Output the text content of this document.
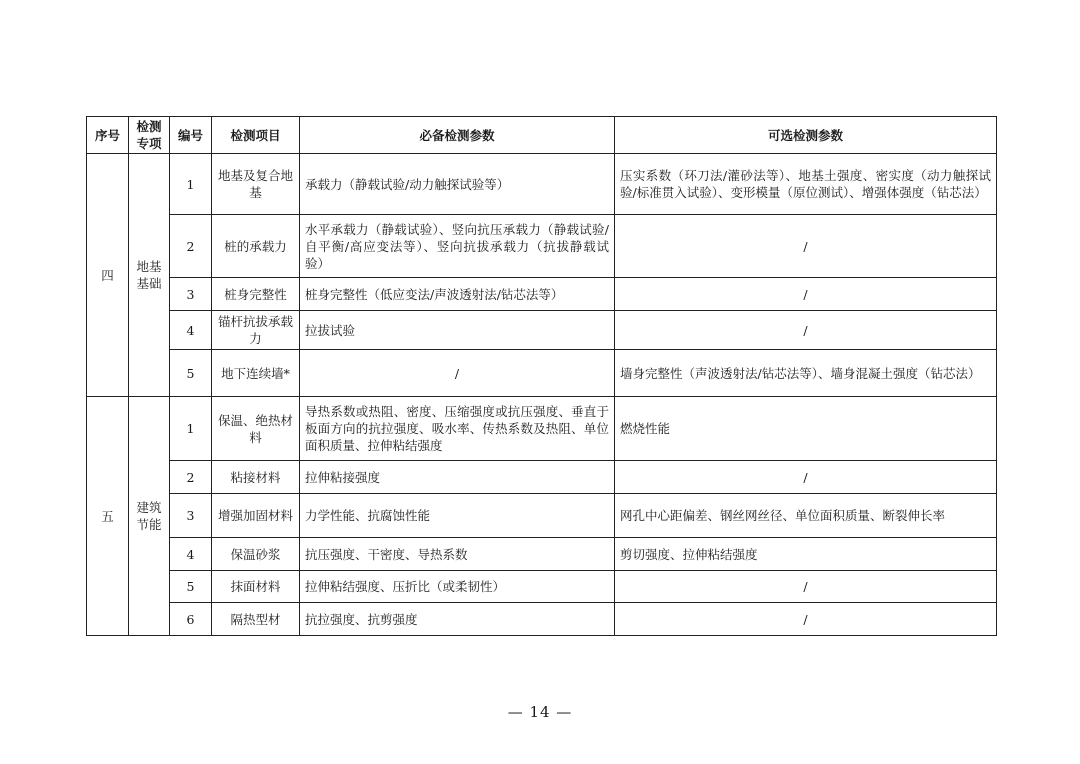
序号	检测专项	编号	检测项目	必备检测参数	可选检测参数
四	地基基础	1	地基及复合地基	承载力（静载试验/动力触探试验等）	压实系数（环刀法/灌砂法等）、地基土强度、密实度（动力触探试验/标准贯入试验）、变形模量（原位测试）、增强体强度（钻芯法）
		2	桩的承载力	水平承载力（静载试验）、竖向抗压承载力（静载试验/自平衡/高应变法等）、竖向抗拔承载力（抗拔静载试验）	/
		3	桩身完整性	桩身完整性（低应变法/声波透射法/钻芯法等）	/
		4	锚杆抗拔承载力	拉拔试验	/
		5	地下连续墙*	/	墙身完整性（声波透射法/钻芯法等）、墙身混凝土强度（钻芯法）
五	建筑节能	1	保温、绝热材料	导热系数或热阻、密度、压缩强度或抗压强度、垂直于板面方向的抗拉强度、吸水率、传热系数及热阻、单位面积质量、拉伸粘结强度	燃烧性能
		2	粘接材料	拉伸粘接强度	/
		3	增强加固材料	力学性能、抗腐蚀性能	网孔中心距偏差、钢丝网丝径、单位面积质量、断裂伸长率
		4	保温砂浆	抗压强度、干密度、导热系数	剪切强度、拉伸粘结强度
		5	抹面材料	拉伸粘结强度、压折比（或柔韧性）	/
		6	隔热型材	抗拉强度、抗剪强度	/
— 14 —
